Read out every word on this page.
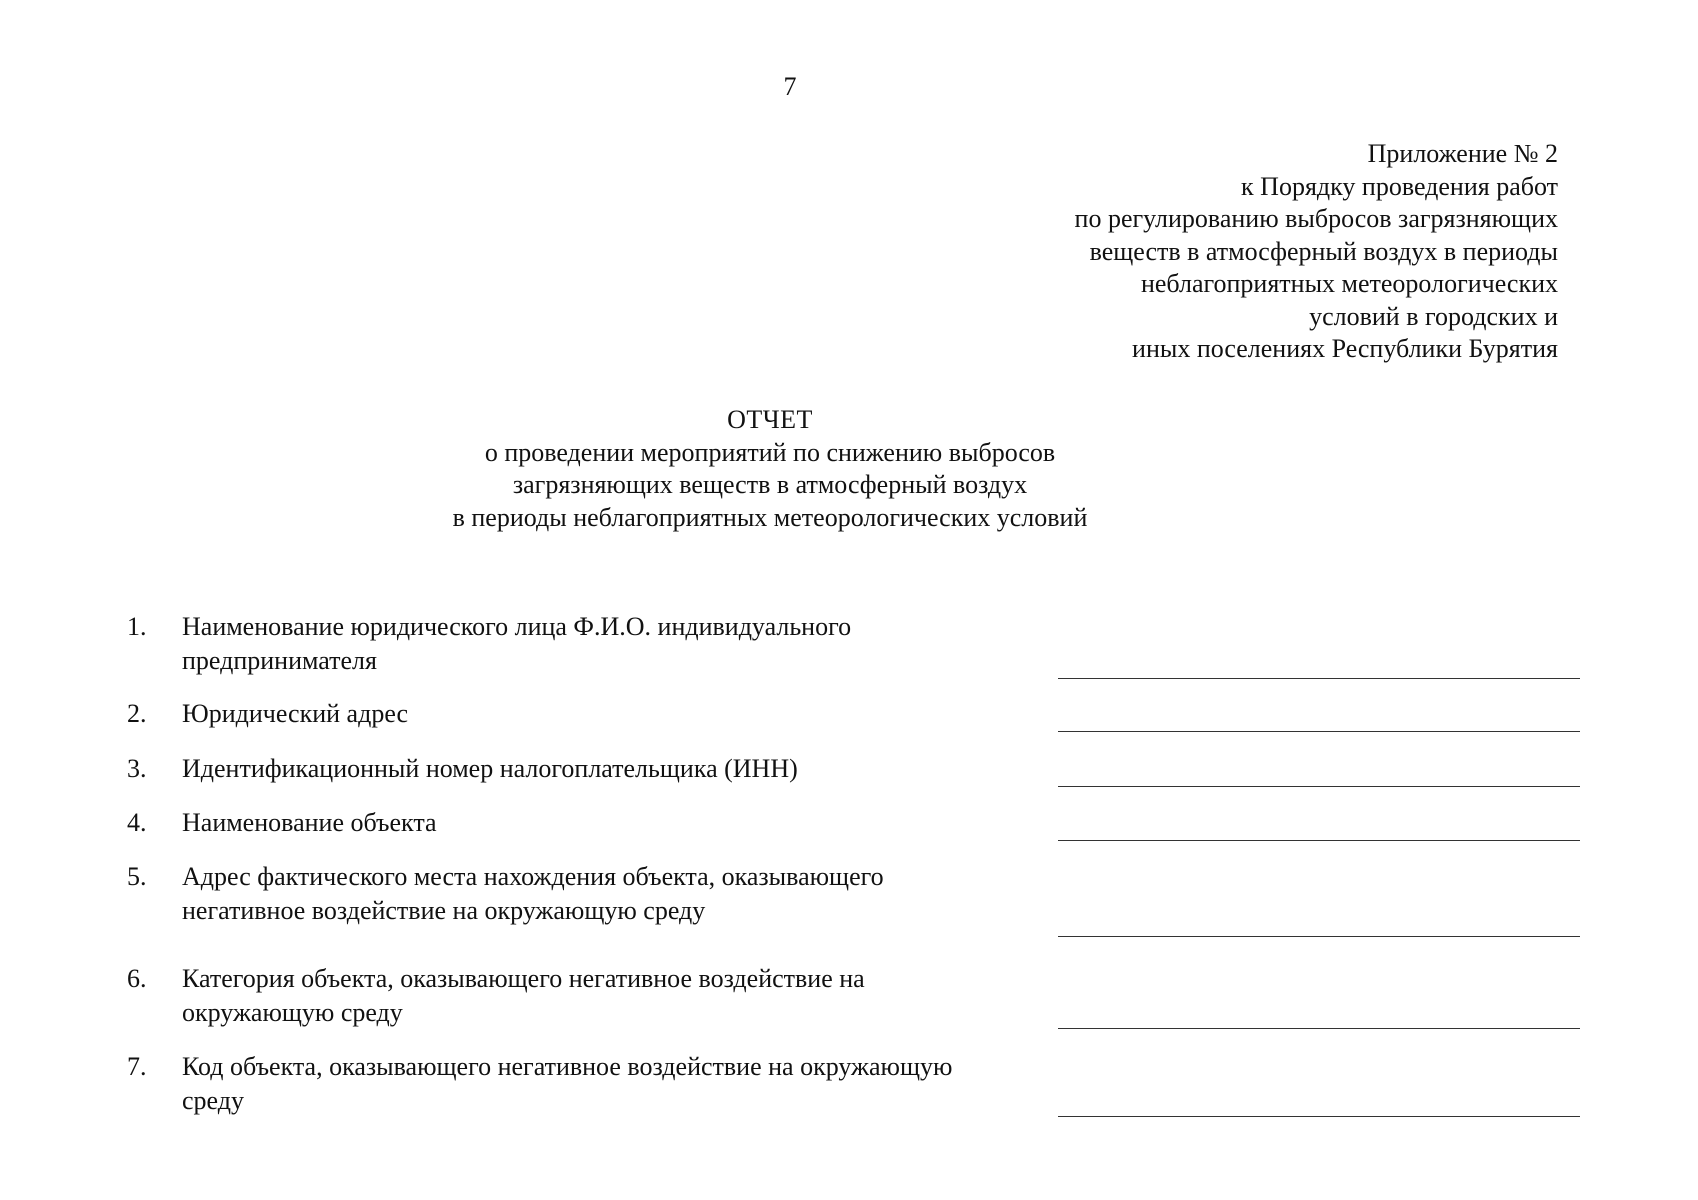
7
Приложение № 2
к Порядку проведения работ
по регулированию выбросов загрязняющих
веществ в атмосферный воздух в периоды
неблагоприятных метеорологических
условий в городских и
иных поселениях Республики Бурятия
ОТЧЕТ
о проведении мероприятий по снижению выбросов
загрязняющих веществ в атмосферный воздух
в периоды неблагоприятных метеорологических условий
1.	Наименование юридического лица Ф.И.О. индивидуального
предпринимателя
2.	Юридический адрес
3.	Идентификационный номер налогоплательщика (ИНН)
4.	Наименование объекта
5.	Адрес фактического места нахождения объекта, оказывающего
негативное воздействие на окружающую среду
6.	Категория объекта, оказывающего негативное воздействие на
окружающую среду
7.	Код объекта, оказывающего негативное воздействие на окружающую
среду
